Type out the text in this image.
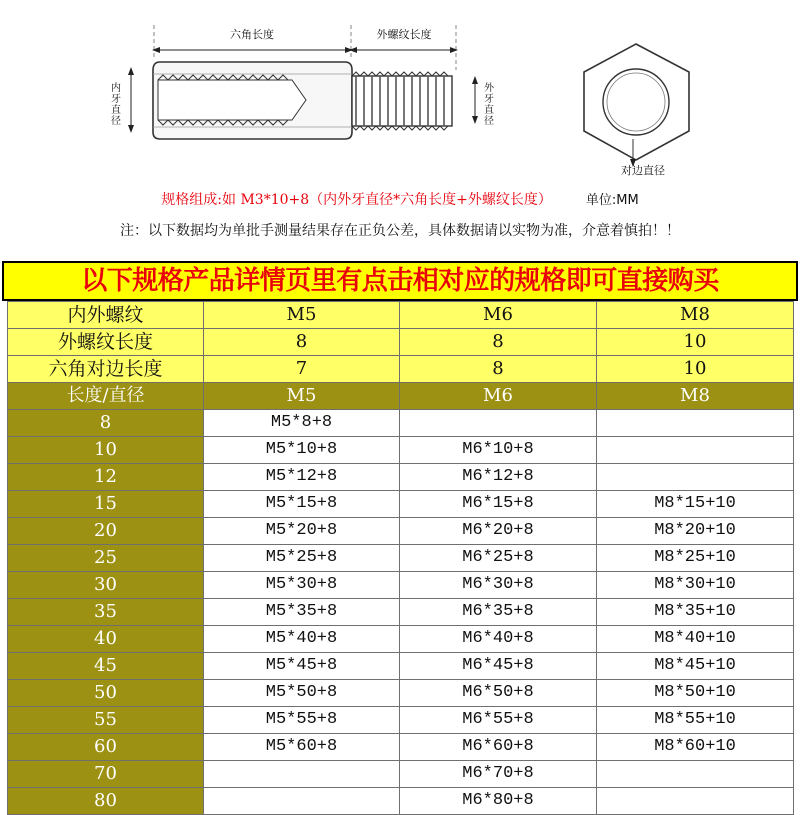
六角长度	外螺纹长度
对边直径
内牙直径
外牙直径
规格组成:如 M3*10+8（内外牙直径*六角长度+外螺纹长度）	单位:MM
注：以下数据均为单批手测量结果存在正负公差，具体数据请以实物为准，介意着慎拍！！
以下规格产品详情页里有点击相对应的规格即可直接购买
内外螺纹	M5	M6	M8
外螺纹长度	8	8	10
六角对边长度	7	8	10
长度/直径	M5	M6	M8
8	M5*8+8		
10	M5*10+8	M6*10+8	
12	M5*12+8	M6*12+8	
15	M5*15+8	M6*15+8	M8*15+10
20	M5*20+8	M6*20+8	M8*20+10
25	M5*25+8	M6*25+8	M8*25+10
30	M5*30+8	M6*30+8	M8*30+10
35	M5*35+8	M6*35+8	M8*35+10
40	M5*40+8	M6*40+8	M8*40+10
45	M5*45+8	M6*45+8	M8*45+10
50	M5*50+8	M6*50+8	M8*50+10
55	M5*55+8	M6*55+8	M8*55+10
60	M5*60+8	M6*60+8	M8*60+10
70		M6*70+8	
80		M6*80+8	
